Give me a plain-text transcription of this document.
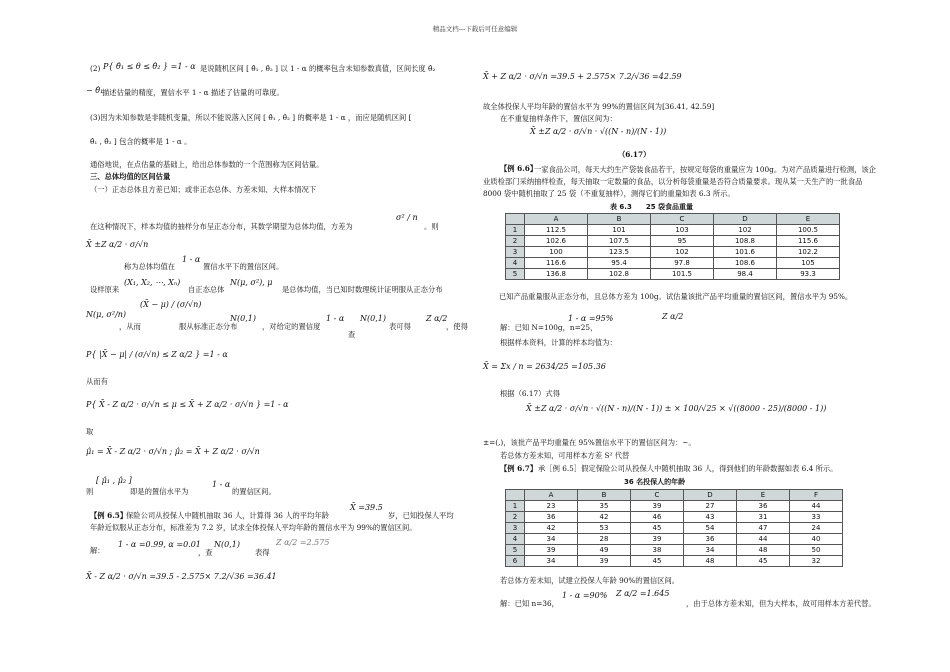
精品文档---下载后可任意编辑
(2) P{ θ̂₁ ≤ θ ≤ θ̂₂ } =1 - α 是说随机区间 [ θ̂₁ , θ̂₂ ] 以 1 - α 的概率包含未知参数真值，区间长度 θ̂₂
− θ̂₁
描述估量的精度，置信水平 1 - α 描述了估量的可靠度。
(3)因为未知参数是非随机变量，所以不能说落入区间 [ θ̂₁ , θ̂₂ ] 的概率是 1 - α ，而应是随机区间 [
θ̂₁ , θ̂₂ ] 包含的概率是 1 - α 。
通俗地说，在点估量的基础上，给出总体参数的一个范围称为区间估量。
三、总体均值的区间估量
（一）正态总体且方差已知；或非正态总体、方差未知、大样本情况下
在这种情况下，样本均值的抽样分布呈正态分布，其数学期望为总体均值，方差为
σ² / n
。则
X̄ ±Z α/2 · σ/√n
称为总体均值在
1 - α
置信水平下的置信区间。
设样原来
(X₁, X₂, ⋯, Xₙ)
自正态总体
N(μ, σ²), μ
是总体均值，当已知时数理统计证明服从正态分布
N(μ, σ²/n)
，从而
(X̄ − μ) / (σ/√n)
服从标准正态分布
N(0,1)
，对给定的置信度
1 - α
查
N(0,1)
表可得
Z α/2
，使得
P{ |X̄ − μ| / (σ/√n) ≤ Z α/2 } =1 - α
从而有
P{ X̄ - Z α/2 · σ/√n ≤ μ ≤ X̄ + Z α/2 · σ/√n } =1 - α
取
μ̂₁ = X̄ - Z α/2 · σ/√n ; μ̂₂ = X̄ + Z α/2 · σ/√n
则
[ μ̂₁ , μ̂₂ ]
即是的置信水平为
1 - α
的置信区间。
【例 6.5】
保险公司从投保人中随机抽取 36 人，计算得 36 人的平均年龄
X̄ =39.5
岁，已知投保人平均
年龄近似服从正态分布，标准差为 7.2 岁，试求全体投保人平均年龄的置信水平为 99%的置信区间。
解：
1 - α =0.99, α =0.01
，查
N(0,1)
表得
Z α/2 =2.575
X̄ - Z α/2 · σ/√n =39.5 - 2.575× 7.2/√36 =36.41
X̄ + Z α/2 · σ/√n =39.5 + 2.575× 7.2/√36 =42.59
故全体投保人平均年龄的置信水平为 99%的置信区间为[36.41, 42.59]
在不重复抽样条件下，置信区间为：
X̄ ±Z α/2 · σ/√n · √((N - n)/(N - 1))
（6.17）
【例 6.6】
一家食品公司，每天大约生产袋装食品若干，按规定每袋的重量应为 100g。为对产品质量进行检测，该企业质检部门采纳抽样检查，每天抽取一定数量的食品，以分析每袋重量是否符合质量要求。现从某一天生产的一批食品 8000 袋中随机抽取了 25 袋（不重复抽样），测得它们的重量如表 6.3 所示。
表 6.3　　25 袋食品重量
	A	B	C	D	E
1	112.5	101	103	102	100.5
2	102.6	107.5	95	108.8	115.6
3	100	123.5	102	101.6	102.2
4	116.6	95.4	97.8	108.6	105
5	136.8	102.8	101.5	98.4	93.3
已知产品重量服从正态分布，且总体方差为 100g。试估量该批产品平均重量的置信区间，置信水平为 95%。
解：已知 N=100g，n=25，
1 - α =95%	Z α/2
根据样本资料，计算的样本均值为：
X̄ = Σx / n = 2634/25 =105.36
根据（6.17）式得
X̄ ±Z α/2 · σ/√n · √((N - n)/(N - 1)) ± × 100/√25 × √((8000 - 25)/(8000 - 1))
±=(,)，该批产品平均重量在 95%置信水平下的置信区间为：~。
若总体方差未知，可用样本方差 S² 代替
【例 6.7】 承［例 6.5］假定保险公司从投保人中随机抽取 36 人，得到他们的年龄数据如表 6.4 所示。
36 名投保人的年龄
	A	B	C	D	E	F
1	23	35	39	27	36	44
2	36	42	46	43	31	33
3	42	53	45	54	47	24
4	34	28	39	36	44	40
5	39	49	38	34	48	50
6	34	39	45	48	45	32
若总体方差未知，试建立投保人年龄 90%的置信区间。
解：已知 n=36，
1 - α =90% Z α/2 =1.645
，由于总体方差未知，但为大样本，故可用样本方差代替。
